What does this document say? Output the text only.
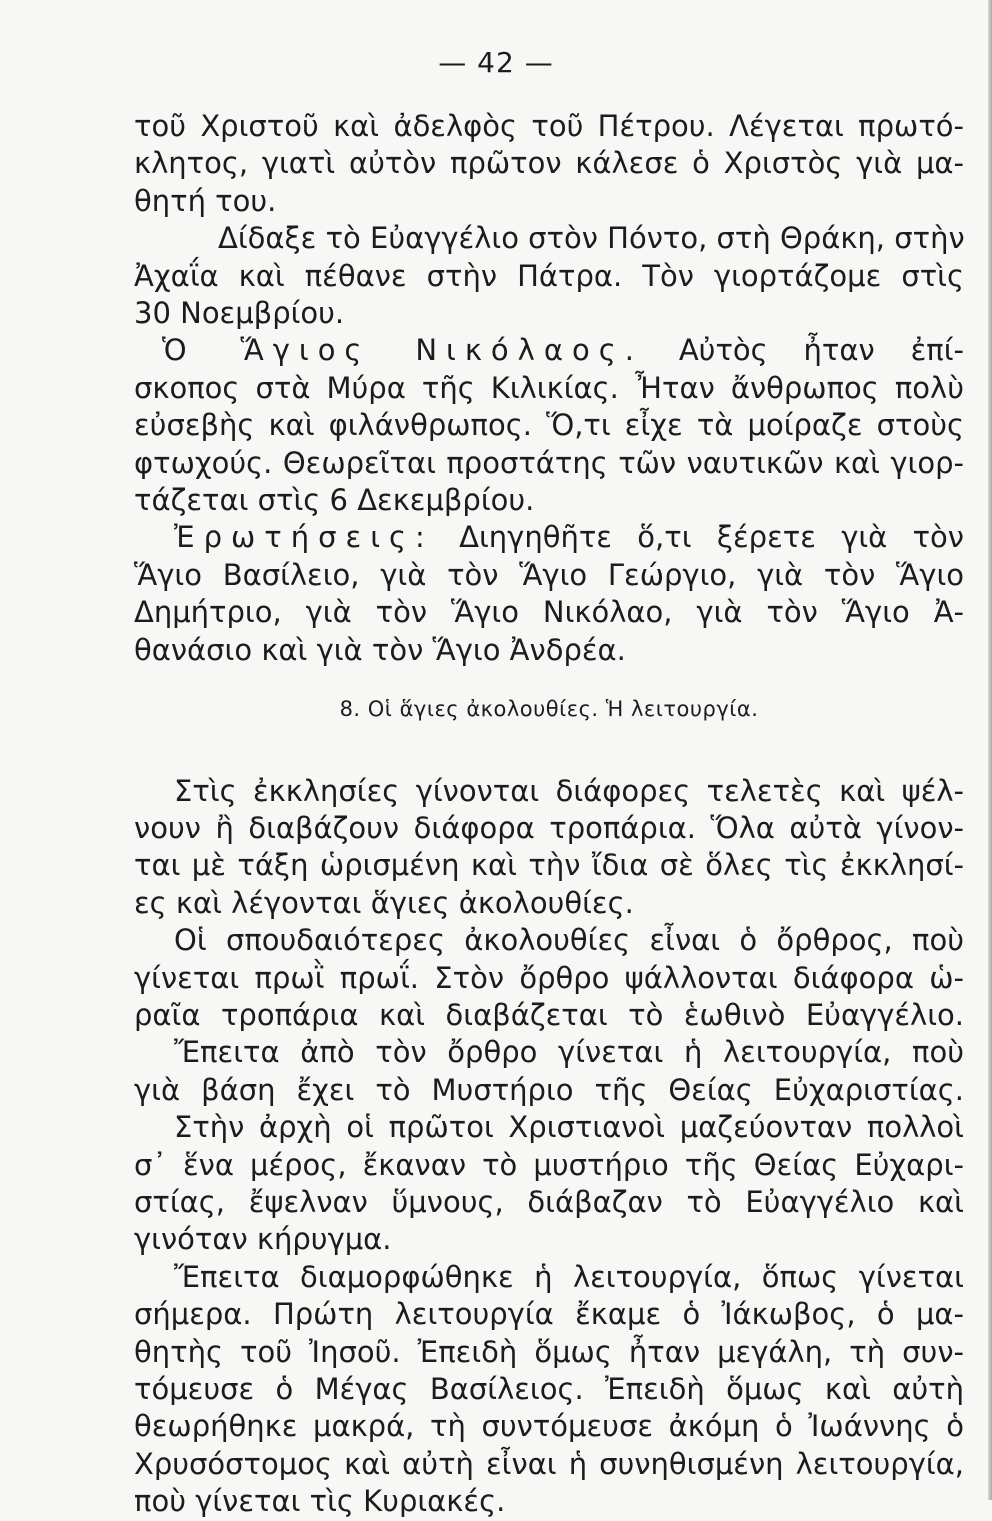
— 42 —
τοῦ Χριστοῦ καὶ ἀδελφὸς τοῦ Πέτρου. Λέγεται πρωτό-
κλητος, γιατὶ αὐτὸν πρῶτον κάλεσε ὁ Χριστὸς γιὰ μα-
θητή του.
Δίδαξε τὸ Εὐαγγέλιο στὸν Πόντο, στὴ Θράκη, στὴν
Ἀχαΐα καὶ πέθανε στὴν Πάτρα. Τὸν γιορτάζομε στὶς
30 Νοεμβρίου.
Ὁ Ἅγιος Νικόλαος. Αὐτὸς ἦταν ἐπί-
σκοπος στὰ Μύρα τῆς Κιλικίας. Ἦταν ἄνθρωπος πολὺ
εὐσεβὴς καὶ φιλάνθρωπος. Ὅ,τι εἶχε τὰ μοίραζε στοὺς
φτωχούς. Θεωρεῖται προστάτης τῶν ναυτικῶν καὶ γιορ-
τάζεται στὶς 6 Δεκεμβρίου.
Ἐρωτήσεις: Διηγηθῆτε ὅ,τι ξέρετε γιὰ τὸν
Ἅγιο Βασίλειο, γιὰ τὸν Ἅγιο Γεώργιο, γιὰ τὸν Ἅγιο
Δημήτριο, γιὰ τὸν Ἅγιο Νικόλαο, γιὰ τὸν Ἅγιο Ἀ-
θανάσιο καὶ γιὰ τὸν Ἅγιο Ἀνδρέα.
8. Οἱ ἅγιες ἀκολουθίες. Ἡ λειτουργία.
Στὶς ἐκκλησίες γίνονται διάφορες τελετὲς καὶ ψέλ-
νουν ἢ διαβάζουν διάφορα τροπάρια. Ὅλα αὐτὰ γίνον-
ται μὲ τάξη ὡρισμένη καὶ τὴν ἴδια σὲ ὅλες τὶς ἐκκλησί-
ες καὶ λέγονται ἅγιες ἀκολουθίες.
Οἱ σπουδαιότερες ἀκολουθίες εἶναι ὁ ὄρθρος, ποὺ
γίνεται πρωῒ πρωΐ. Στὸν ὄρθρο ψάλλονται διάφορα ὡ-
ραῖα τροπάρια καὶ διαβάζεται τὸ ἑωθινὸ Εὐαγγέλιο.
Ἔπειτα ἀπὸ τὸν ὄρθρο γίνεται ἡ λειτουργία, ποὺ
γιὰ βάση ἔχει τὸ Μυστήριο τῆς Θείας Εὐχαριστίας.
Στὴν ἀρχὴ οἱ πρῶτοι Χριστιανοὶ μαζεύονταν πολλοὶ
σ᾿ ἕνα μέρος, ἔκαναν τὸ μυστήριο τῆς Θείας Εὐχαρι-
στίας, ἔψελναν ὕμνους, διάβαζαν τὸ Εὐαγγέλιο καὶ
γινόταν κήρυγμα.
Ἔπειτα διαμορφώθηκε ἡ λειτουργία, ὅπως γίνεται
σήμερα. Πρώτη λειτουργία ἔκαμε ὁ Ἰάκωβος, ὁ μα-
θητὴς τοῦ Ἰησοῦ. Ἐπειδὴ ὅμως ἦταν μεγάλη, τὴ συν-
τόμευσε ὁ Μέγας Βασίλειος. Ἐπειδὴ ὅμως καὶ αὐτὴ
θεωρήθηκε μακρά, τὴ συντόμευσε ἀκόμη ὁ Ἰωάννης ὁ
Χρυσόστομος καὶ αὐτὴ εἶναι ἡ συνηθισμένη λειτουργία,
ποὺ γίνεται τὶς Κυριακές.
